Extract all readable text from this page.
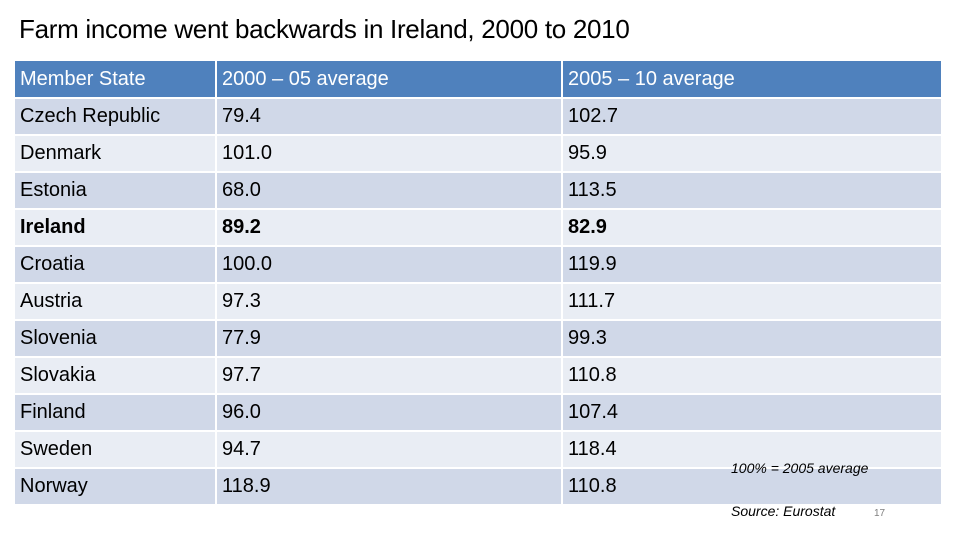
Farm income went backwards in Ireland, 2000 to 2010
Member State	2000 – 05 average	2005 – 10 average
Czech Republic	79.4	102.7
Denmark	101.0	95.9
Estonia	68.0	113.5
Ireland	89.2	82.9
Croatia	100.0	119.9
Austria	97.3	111.7
Slovenia	77.9	99.3
Slovakia	97.7	110.8
Finland	96.0	107.4
Sweden	94.7	118.4
Norway	118.9	110.8
100% = 2005 average
Source: Eurostat	17
